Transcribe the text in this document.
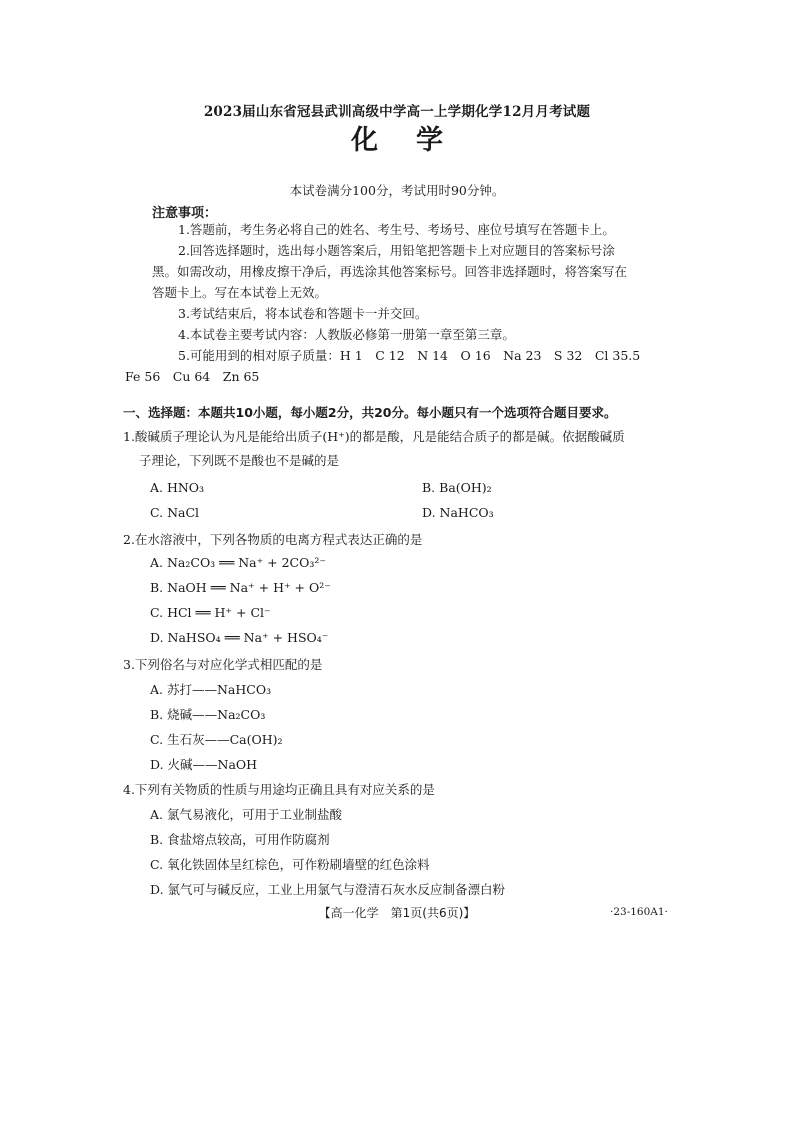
2023届山东省冠县武训高级中学高一上学期化学12月月考试题
化学
本试卷满分100分，考试用时90分钟。
注意事项：
1.答题前，考生务必将自己的姓名、考生号、考场号、座位号填写在答题卡上。
2.回答选择题时，选出每小题答案后，用铅笔把答题卡上对应题目的答案标号涂
黑。如需改动，用橡皮擦干净后，再选涂其他答案标号。回答非选择题时，将答案写在
答题卡上。写在本试卷上无效。
3.考试结束后，将本试卷和答题卡一并交回。
4.本试卷主要考试内容：人教版必修第一册第一章至第三章。
5.可能用到的相对原子质量：H 1　C 12　N 14　O 16　Na 23　S 32　Cl 35.5
Fe 56　Cu 64　Zn 65
一、选择题：本题共10小题，每小题2分，共20分。每小题只有一个选项符合题目要求。
1.酸碱质子理论认为凡是能给出质子(H⁺)的都是酸，凡是能结合质子的都是碱。依据酸碱质
子理论，下列既不是酸也不是碱的是
A. HNO₃	B. Ba(OH)₂
C. NaCl	D. NaHCO₃
2.在水溶液中，下列各物质的电离方程式表达正确的是
A. Na₂CO₃ ══ Na⁺ + 2CO₃²⁻
B. NaOH ══ Na⁺ + H⁺ + O²⁻
C. HCl ══ H⁺ + Cl⁻
D. NaHSO₄ ══ Na⁺ + HSO₄⁻
3.下列俗名与对应化学式相匹配的是
A. 苏打——NaHCO₃
B. 烧碱——Na₂CO₃
C. 生石灰——Ca(OH)₂
D. 火碱——NaOH
4.下列有关物质的性质与用途均正确且具有对应关系的是
A. 氯气易液化，可用于工业制盐酸
B. 食盐熔点较高，可用作防腐剂
C. 氧化铁固体呈红棕色，可作粉刷墙壁的红色涂料
D. 氯气可与碱反应，工业上用氯气与澄清石灰水反应制备漂白粉
【高一化学　第1页(共6页)】	·23-160A1·
